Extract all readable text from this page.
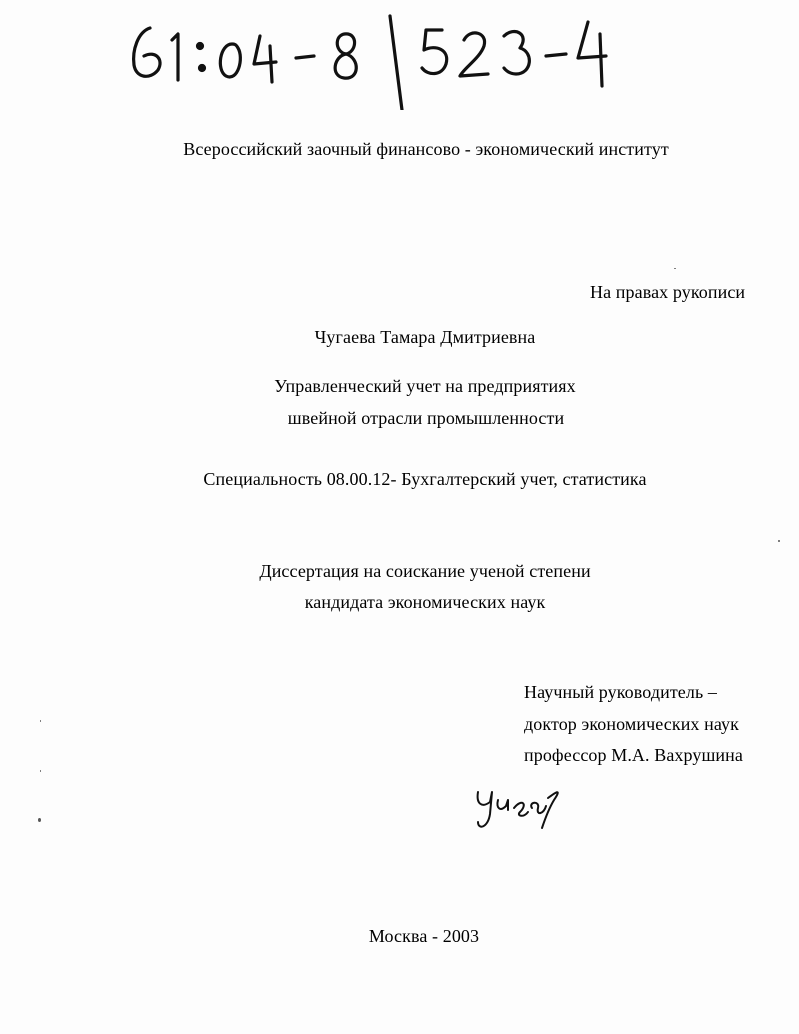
Всероссийский заочный финансово - экономический институт
На правах рукописи
Чугаева Тамара Дмитриевна
Управленческий учет на предприятиях
швейной отрасли промышленности
Специальность 08.00.12- Бухгалтерский учет, статистика
Диссертация на соискание ученой степени
кандидата экономических наук
Научный руководитель –
доктор экономических наук
профессор М.А. Вахрушина
Москва - 2003
